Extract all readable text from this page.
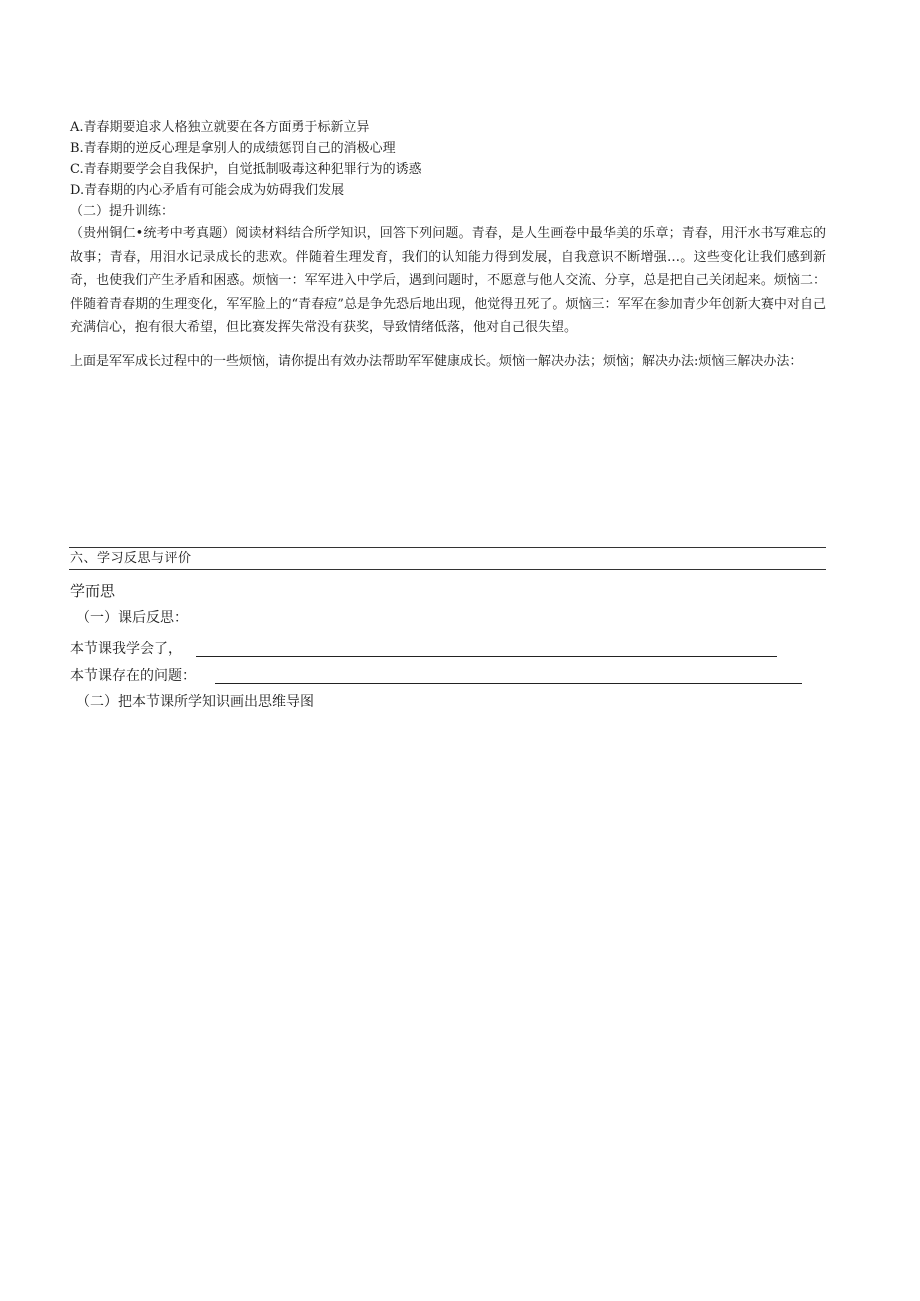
A.青春期要追求人格独立就要在各方面勇于标新立异
B.青春期的逆反心理是拿别人的成绩惩罚自己的消极心理
C.青春期要学会自我保护，自觉抵制吸毒这种犯罪行为的诱惑
D.青春期的内心矛盾有可能会成为妨碍我们发展
（二）提升训练：
（贵州铜仁•统考中考真题）阅读材料结合所学知识，回答下列问题。青春，是人生画卷中最华美的乐章；青春，用汗水书写难忘的故事；青春，用泪水记录成长的悲欢。伴随着生理发育，我们的认知能力得到发展，自我意识不断增强…。这些变化让我们感到新奇，也使我们产生矛盾和困惑。烦恼一：军军进入中学后，遇到问题时，不愿意与他人交流、分享，总是把自己关闭起来。烦恼二：伴随着青春期的生理变化，军军脸上的“青春痘”总是争先恐后地出现，他觉得丑死了。烦恼三：军军在参加青少年创新大赛中对自己充满信心，抱有很大希望，但比赛发挥失常没有获奖，导致情绪低落，他对自己很失望。
上面是军军成长过程中的一些烦恼，请你提出有效办法帮助军军健康成长。烦恼一解决办法；烦恼；解决办法:烦恼三解决办法：
六、学习反思与评价
学而思
（一）课后反思：
本节课我学会了，
本节课存在的问题：
（二）把本节课所学知识画出思维导图
